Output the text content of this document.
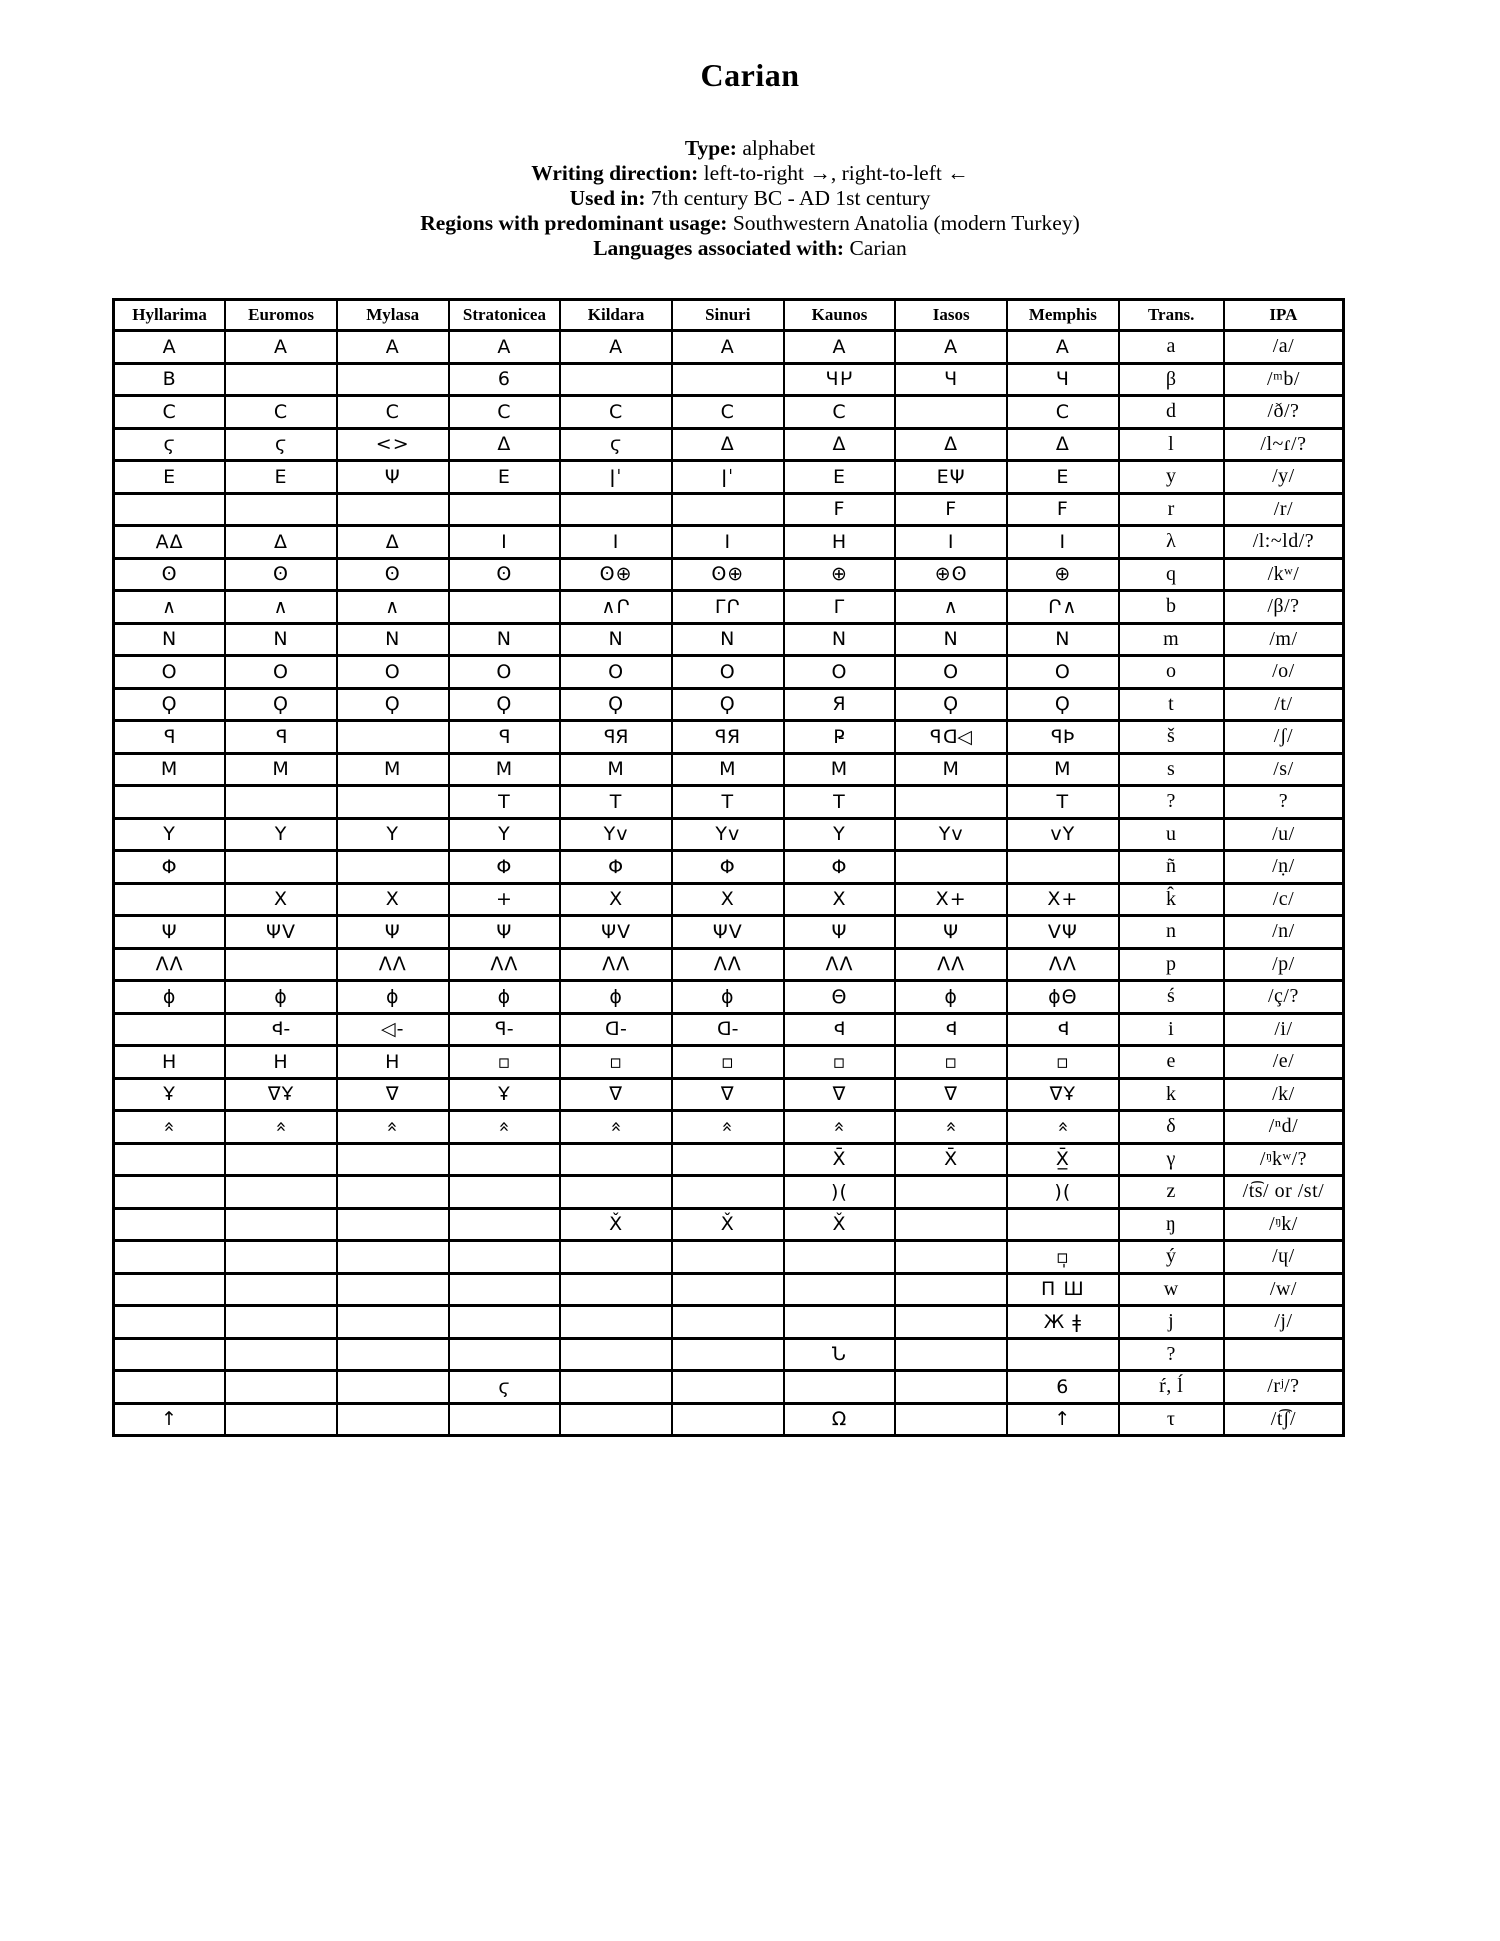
Carian
Type: alphabet
Writing direction: left-to-right →, right-to-left ←
Used in: 7th century BC - AD 1st century
Regions with predominant usage: Southwestern Anatolia (modern Turkey)
Languages associated with: Carian
Hyllarima	Euromos	Mylasa	Stratonicea	Kildara	Sinuri	Kaunos	Iasos	Memphis	Trans.	IPA
A	A	A	A	A	A	A	A	A	a	/a/
B			6			ЧЧ	Ч	Ч	β	/ᵐb/
C	C	C	C	C	C	C		C	d	/ð/?
ϛ	ϛ	<>	Δ	ϛ	Δ	Δ	Δ	Δ	l	/l~ɾ/?
E	E	Ψ	E	ǀˈ	ǀˈ	E	EΨ	E	y	/y/
						F	F	F	r	/r/
ΑΔ	Δ	Δ	I	I	I	H	I	I	λ	/l:~ld/?
ʘ	ʘ	ʘ	ʘ	ʘ⊕	ʘ⊕	⊕	⊕ʘ	⊕	q	/kʷ/
∧	∧	∧		∧Ր	ΓՐ	Γ	∧	Ր∧	b	/β/?
N	N	N	N	N	N	N	N	N	m	/m/
O	O	O	O	O	O	O	O	O	o	/o/
Ϙ	Ϙ	Ϙ	Ϙ	Ϙ	Ϙ	Я	Ϙ	Ϙ	t	/t/
P	P		P	PЯ	PЯ	P	PD◁	PÞ	š	/ʃ/
M	M	M	M	M	M	M	M	M	s	/s/
			T	T	T	T		T	?	?
Y	Y	Y	Y	Yv	Yv	Y	Yv	vY	u	/u/
Φ			Φ	Φ	Φ	Φ			ñ	/ṇ/
	X	X	+	X	X	X	X+	X+	k̂	/c/
Ψ	ΨV	Ψ	Ψ	ΨV	ΨV	Ψ	Ψ	VΨ	n	/n/
ΛΛ		ΛΛ	ΛΛ	ΛΛ	ΛΛ	ΛΛ	ΛΛ	ΛΛ	p	/p/
ɸ	ɸ	ɸ	ɸ	ɸ	ɸ	Θ	ɸ	ɸΘ	ś	/ç/?
	Þ-	◁-	P-	D-	D-	Þ	Þ	Þ	i	/i/
H	H	H	▫	▫	▫	▫	▫	▫	e	/e/
Ұ	∇Ұ	∇	Ұ	∇	∇	∇	∇	∇Ұ	k	/k/
«	«	«	«	«	«	«	«	«	δ	/ⁿd/
						X	X	X	γ	/ᵑkʷ/?
						)(		)(	z	/t͡s/ or /st/
				X	X	X			ŋ	/ᵑk/
								▫	ý	/ɥ/
								Π Ш	w	/w/
								Ж ǂ	j	/j/
						Ն			?	
			ϛ					6	ŕ, ĺ	/rʲ/?
↑						Ω		↑	τ	/t͡ʃ/
